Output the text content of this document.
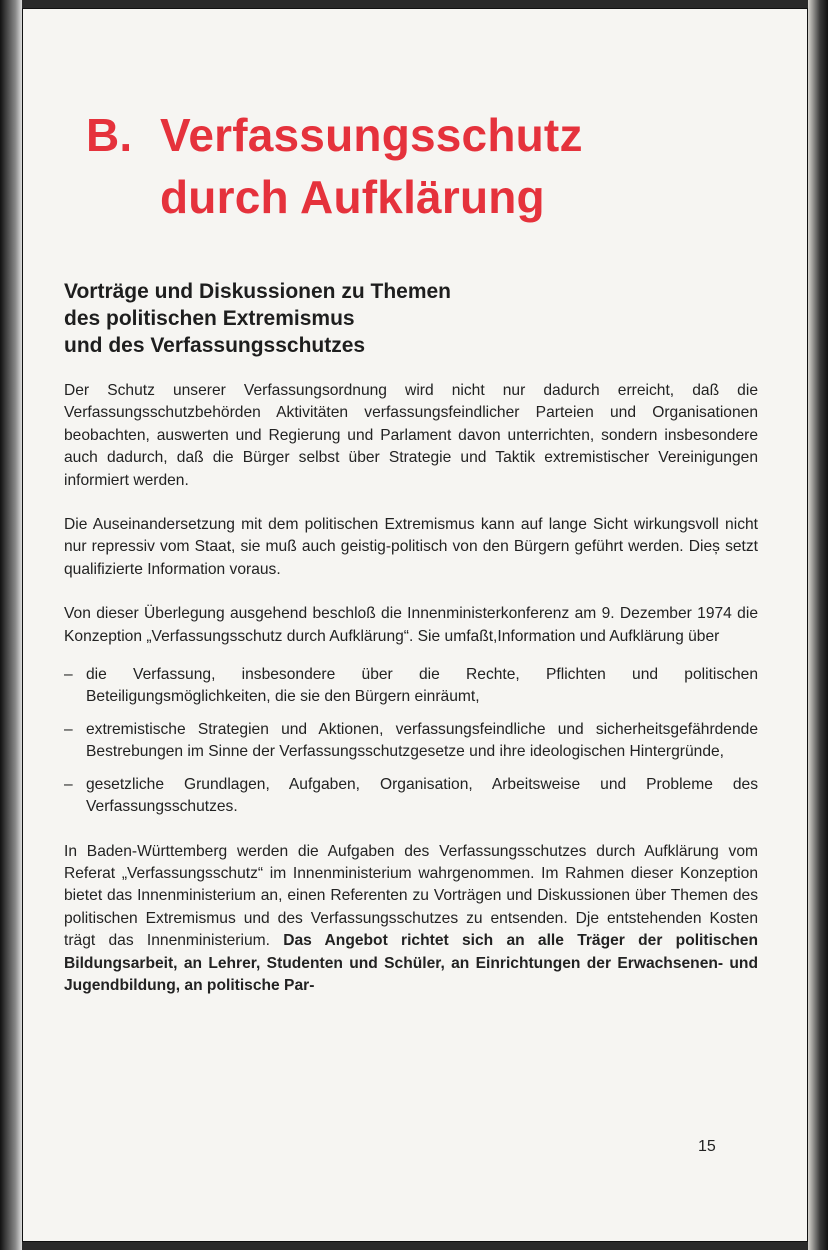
B. Verfassungsschutz
durch Aufklärung
Vorträge und Diskussionen zu Themen
des politischen Extremismus
und des Verfassungsschutzes

Der Schutz unserer Verfassungsordnung wird nicht nur dadurch erreicht, daß die Verfassungsschutzbehörden Aktivitäten verfassungsfeindlicher Parteien und Organisationen beobachten, auswerten und Regierung und Parlament davon unterrichten, sondern insbesondere auch dadurch, daß die Bürger selbst über Strategie und Taktik extremistischer Vereinigungen informiert werden.

Die Auseinandersetzung mit dem politischen Extremismus kann auf lange Sicht wirkungsvoll nicht nur repressiv vom Staat, sie muß auch geistig-politisch von den Bürgern geführt werden. Dieș setzt qualifizierte Information voraus.

Von dieser Überlegung ausgehend beschloß die Innenministerkonferenz am 9. Dezember 1974 die Konzeption „Verfassungsschutz durch Aufklärung“. Sie umfaßt,Information und Aufklärung über

– die Verfassung, insbesondere über die Rechte, Pflichten und politischen Beteiligungsmöglichkeiten, die sie den Bürgern einräumt,
– extremistische Strategien und Aktionen, verfassungsfeindliche und sicherheitsgefährdende Bestrebungen im Sinne der Verfassungsschutzgesetze und ihre ideologischen Hintergründe,
– gesetzliche Grundlagen, Aufgaben, Organisation, Arbeitsweise und Probleme des Verfassungsschutzes.

In Baden-Württemberg werden die Aufgaben des Verfassungsschutzes durch Aufklärung vom Referat „Verfassungsschutz“ im Innenministerium wahrgenommen. Im Rahmen dieser Konzeption bietet das Innenministerium an, einen Referenten zu Vorträgen und Diskussionen über Themen des politischen Extremismus und des Verfassungsschutzes zu entsenden. Dje entstehenden Kosten trägt das Innenministerium. Das Angebot richtet sich an alle Träger der politischen Bildungsarbeit, an Lehrer, Studenten und Schüler, an Einrichtungen der Erwachsenen- und Jugendbildung, an politische Par-

15
